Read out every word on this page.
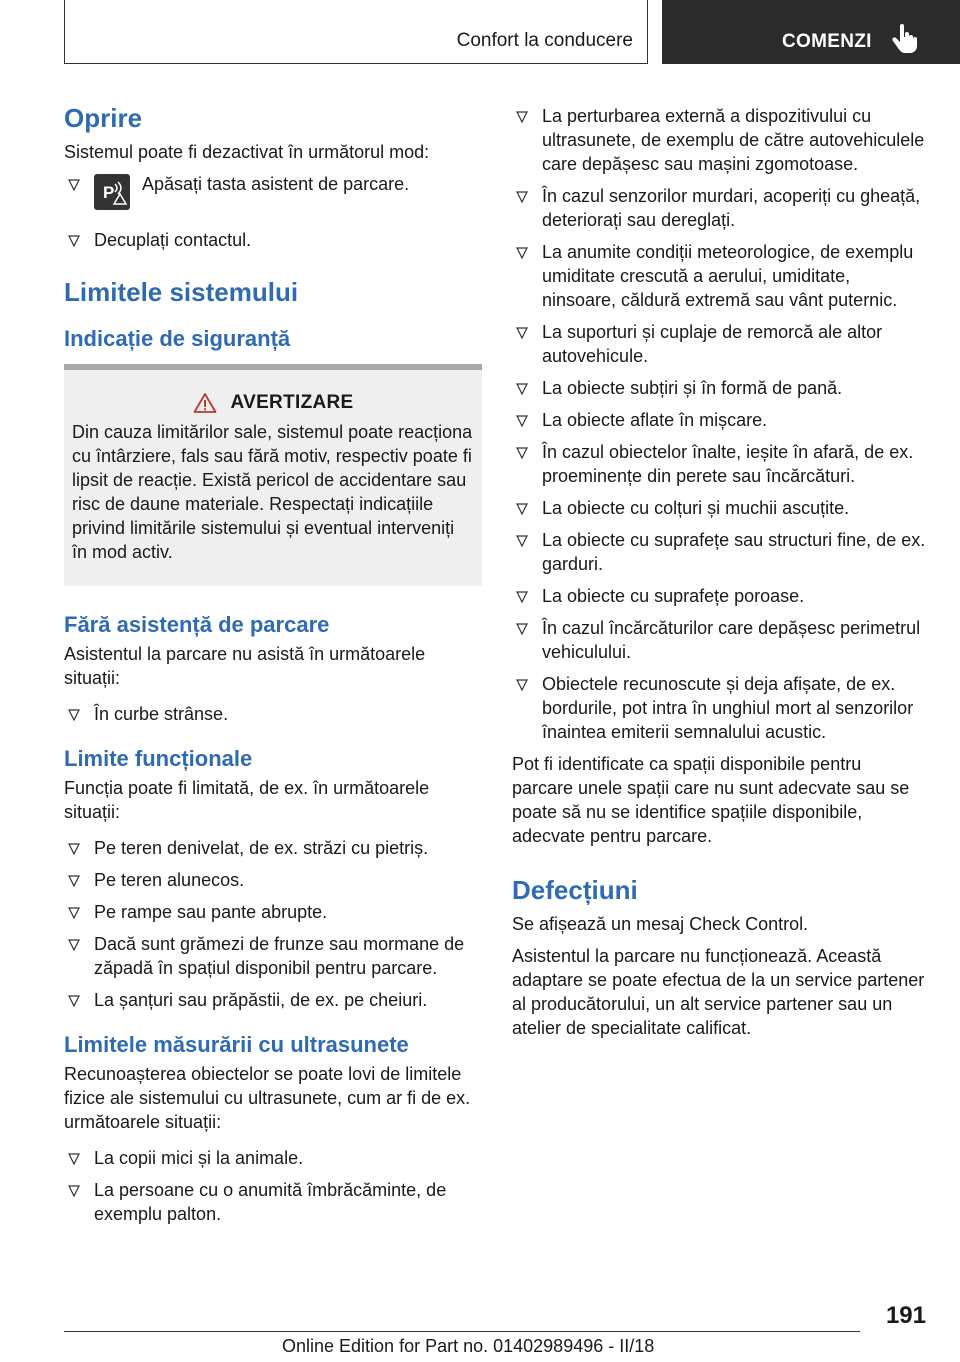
Confort la conducere	COMENZI
Oprire

Sistemul poate fi dezactivat în următorul mod:

P Apăsați tasta asistent de parcare.
Decuplați contactul.
Limitele sistemului
Indicație de siguranță
AVERTIZARE

Din cauza limitărilor sale, sistemul poate reacționa cu întârziere, fals sau fără motiv, respectiv poate fi lipsit de reacție. Există pericol de accidentare sau risc de daune materiale. Respectați indicațiile privind limitările sistemului și eventual interveniți în mod activ.

Fără asistență de parcare

Asistentul la parcare nu asistă în următoarele situații:

În curbe strânse.
Limite funcționale

Funcția poate fi limitată, de ex. în următoarele situații:

Pe teren denivelat, de ex. străzi cu pietriș.
Pe teren alunecos.
Pe rampe sau pante abrupte.
Dacă sunt grămezi de frunze sau mormane de zăpadă în spațiul disponibil pentru parcare.
La șanțuri sau prăpăstii, de ex. pe cheiuri.
Limitele măsurării cu ultrasunete

Recunoașterea obiectelor se poate lovi de limitele fizice ale sistemului cu ultrasunete, cum ar fi de ex. următoarele situații:

La copii mici și la animale.
La persoane cu o anumită îmbrăcăminte, de exemplu palton.
La perturbarea externă a dispozitivului cu ultrasunete, de exemplu de către autovehiculele care depășesc sau mașini zgomotoase.
În cazul senzorilor murdari, acoperiți cu gheață, deteriorați sau dereglați.
La anumite condiții meteorologice, de exemplu umiditate crescută a aerului, umiditate, ninsoare, căldură extremă sau vânt puternic.
La suporturi și cuplaje de remorcă ale altor autovehicule.
La obiecte subțiri și în formă de pană.
La obiecte aflate în mișcare.
În cazul obiectelor înalte, ieșite în afară, de ex. proeminențe din perete sau încărcături.
La obiecte cu colțuri și muchii ascuțite.
La obiecte cu suprafețe sau structuri fine, de ex. garduri.
La obiecte cu suprafețe poroase.
În cazul încărcăturilor care depășesc perimetrul vehiculului.
Obiectele recunoscute și deja afișate, de ex. bordurile, pot intra în unghiul mort al senzorilor înaintea emiterii semnalului acustic.

Pot fi identificate ca spații disponibile pentru parcare unele spații care nu sunt adecvate sau se poate să nu se identifice spațiile disponibile, adecvate pentru parcare.

Defecțiuni

Se afișează un mesaj Check Control.

Asistentul la parcare nu funcționează. Această adaptare se poate efectua de la un service partener al producătorului, un alt service partener sau un atelier de specialitate calificat.

191
Online Edition for Part no. 01402989496 - II/18
